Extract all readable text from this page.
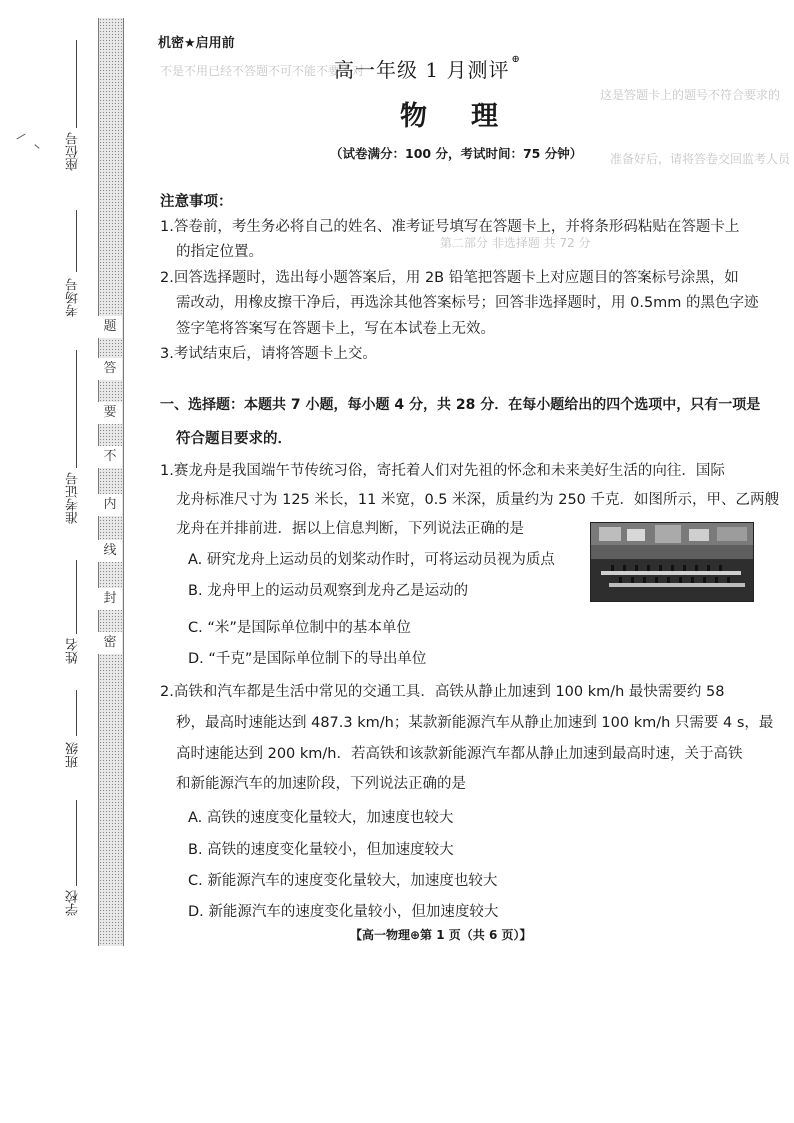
不是不用已经不答题不可不能不要不对
这是答题卡上的题号不符合要求的
准备好后，请将答卷交回监考人员
第二部分 非选择题 共 72 分
题
答
要
不
内
线
封
密
座位号
考场号
准考证号
姓名
班级
学校
机密★启用前
高一年级 1 月测评 ⊕
物理
（试卷满分：100 分，考试时间：75 分钟）
注意事项：
1.答卷前，考生务必将自己的姓名、准考证号填写在答题卡上，并将条形码粘贴在答题卡上
的指定位置。
2.回答选择题时，选出每小题答案后，用 2B 铅笔把答题卡上对应题目的答案标号涂黑，如
需改动，用橡皮擦干净后，再选涂其他答案标号；回答非选择题时，用 0.5mm 的黑色字迹
签字笔将答案写在答题卡上，写在本试卷上无效。
3.考试结束后，请将答题卡上交。
一、选择题：本题共 7 小题，每小题 4 分，共 28 分．在每小题给出的四个选项中，只有一项是
符合题目要求的．
1.赛龙舟是我国端午节传统习俗，寄托着人们对先祖的怀念和未来美好生活的向往．国际
龙舟标准尺寸为 125 米长，11 米宽，0.5 米深，质量约为 250 千克．如图所示，甲、乙两艘
龙舟在并排前进．据以上信息判断，下列说法正确的是
A. 研究龙舟上运动员的划桨动作时，可将运动员视为质点
B. 龙舟甲上的运动员观察到龙舟乙是运动的
C. “米”是国际单位制中的基本单位
D. “千克”是国际单位制下的导出单位
2.高铁和汽车都是生活中常见的交通工具．高铁从静止加速到 100 km/h 最快需要约 58
秒，最高时速能达到 487.3 km/h；某款新能源汽车从静止加速到 100 km/h 只需要 4 s，最
高时速能达到 200 km/h．若高铁和该款新能源汽车都从静止加速到最高时速，关于高铁
和新能源汽车的加速阶段，下列说法正确的是
A. 高铁的速度变化量较大，加速度也较大
B. 高铁的速度变化量较小，但加速度较大
C. 新能源汽车的速度变化量较大，加速度也较大
D. 新能源汽车的速度变化量较小，但加速度较大
【高一物理⊕第 1 页（共 6 页）】
